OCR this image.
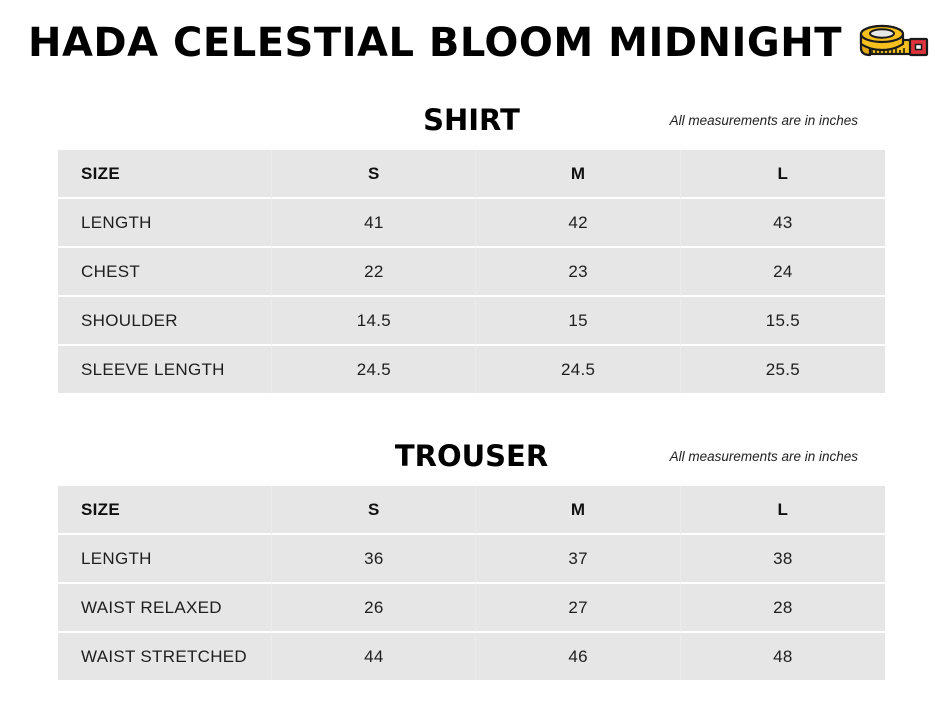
HADA CELESTIAL BLOOM MIDNIGHT
SHIRT	All measurements are in inches
SIZE	S	M	L
LENGTH	41	42	43
CHEST	22	23	24
SHOULDER	14.5	15	15.5
SLEEVE LENGTH	24.5	24.5	25.5
TROUSER	All measurements are in inches
SIZE	S	M	L
LENGTH	36	37	38
WAIST RELAXED	26	27	28
WAIST STRETCHED	44	46	48
